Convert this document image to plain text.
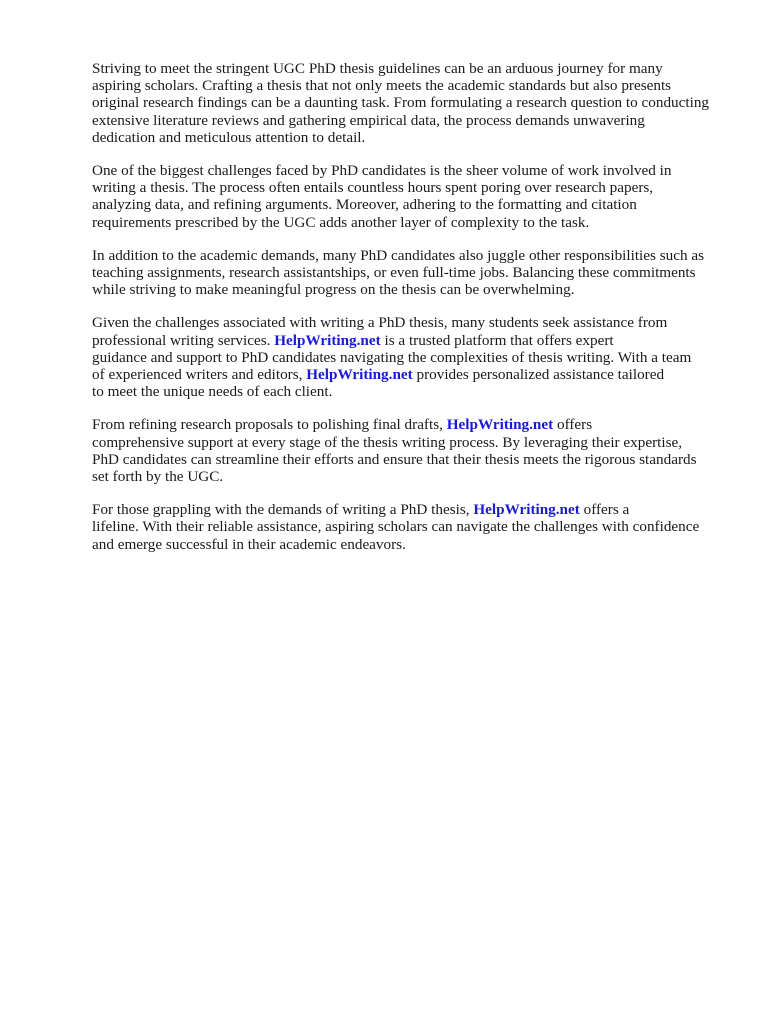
Striving to meet the stringent UGC PhD thesis guidelines can be an arduous journey for many
aspiring scholars. Crafting a thesis that not only meets the academic standards but also presents
original research findings can be a daunting task. From formulating a research question to conducting
extensive literature reviews and gathering empirical data, the process demands unwavering
dedication and meticulous attention to detail.

One of the biggest challenges faced by PhD candidates is the sheer volume of work involved in
writing a thesis. The process often entails countless hours spent poring over research papers,
analyzing data, and refining arguments. Moreover, adhering to the formatting and citation
requirements prescribed by the UGC adds another layer of complexity to the task.

In addition to the academic demands, many PhD candidates also juggle other responsibilities such as
teaching assignments, research assistantships, or even full-time jobs. Balancing these commitments
while striving to make meaningful progress on the thesis can be overwhelming.

Given the challenges associated with writing a PhD thesis, many students seek assistance from
professional writing services. HelpWriting.net is a trusted platform that offers expert
guidance and support to PhD candidates navigating the complexities of thesis writing. With a team
of experienced writers and editors, HelpWriting.net provides personalized assistance tailored
to meet the unique needs of each client.

From refining research proposals to polishing final drafts, HelpWriting.net offers
comprehensive support at every stage of the thesis writing process. By leveraging their expertise,
PhD candidates can streamline their efforts and ensure that their thesis meets the rigorous standards
set forth by the UGC.

For those grappling with the demands of writing a PhD thesis, HelpWriting.net offers a
lifeline. With their reliable assistance, aspiring scholars can navigate the challenges with confidence
and emerge successful in their academic endeavors.
